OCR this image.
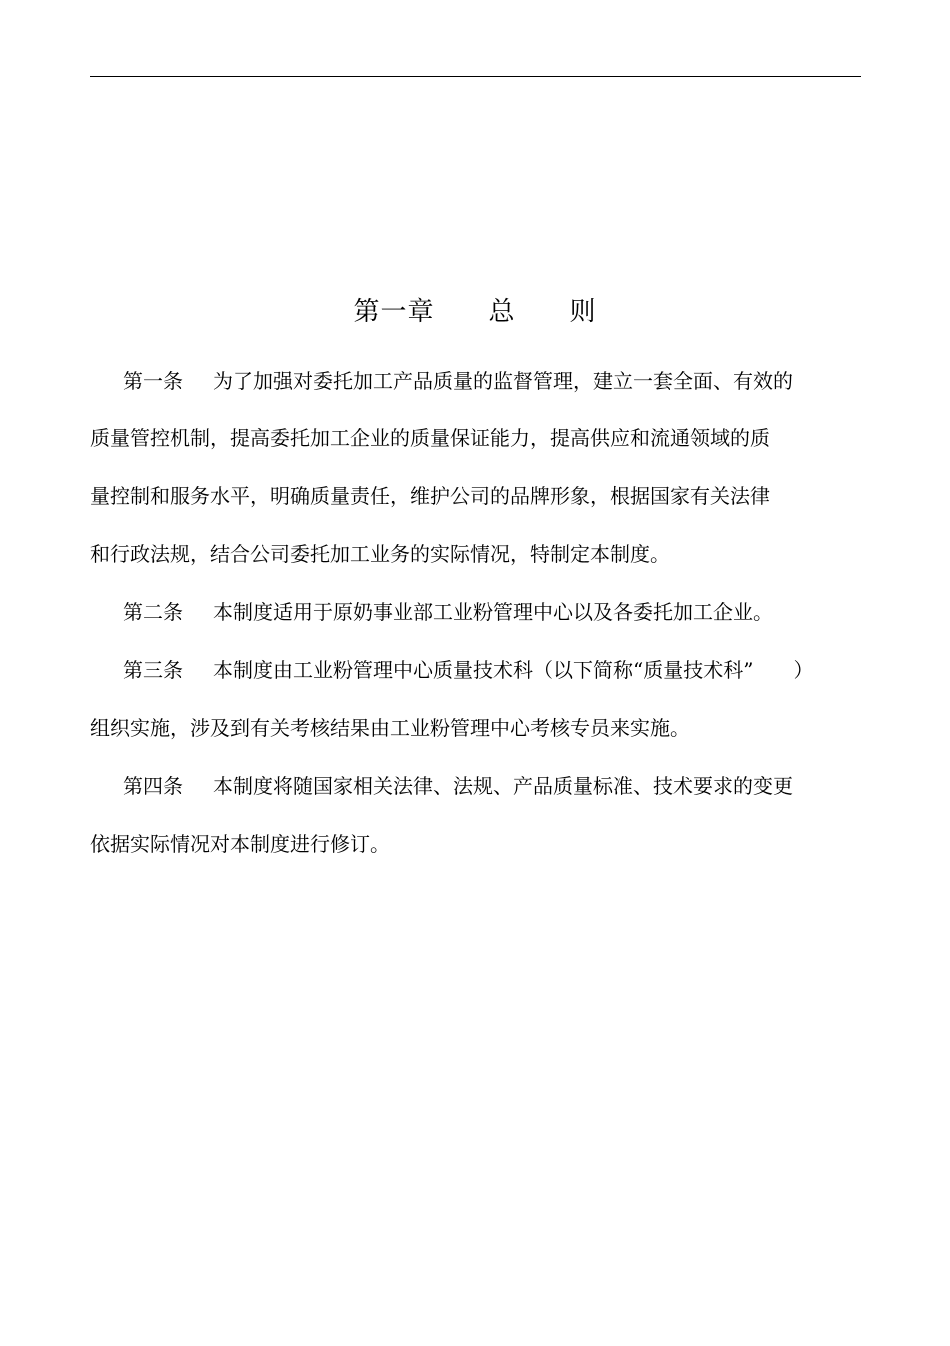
第一章　　总　　则
第一条 为了加强对委托加工产品质量的监督管理，建立一套全面、有效的
质量管控机制，提高委托加工企业的质量保证能力，提高供应和流通领域的质
量控制和服务水平，明确质量责任，维护公司的品牌形象，根据国家有关法律
和行政法规，结合公司委托加工业务的实际情况，特制定本制度。
第二条 本制度适用于原奶事业部工业粉管理中心以及各委托加工企业。
第三条 本制度由工业粉管理中心质量技术科（以下简称“质量技术科”　　）
组织实施，涉及到有关考核结果由工业粉管理中心考核专员来实施。
第四条 本制度将随国家相关法律、法规、产品质量标准、技术要求的变更
依据实际情况对本制度进行修订。
